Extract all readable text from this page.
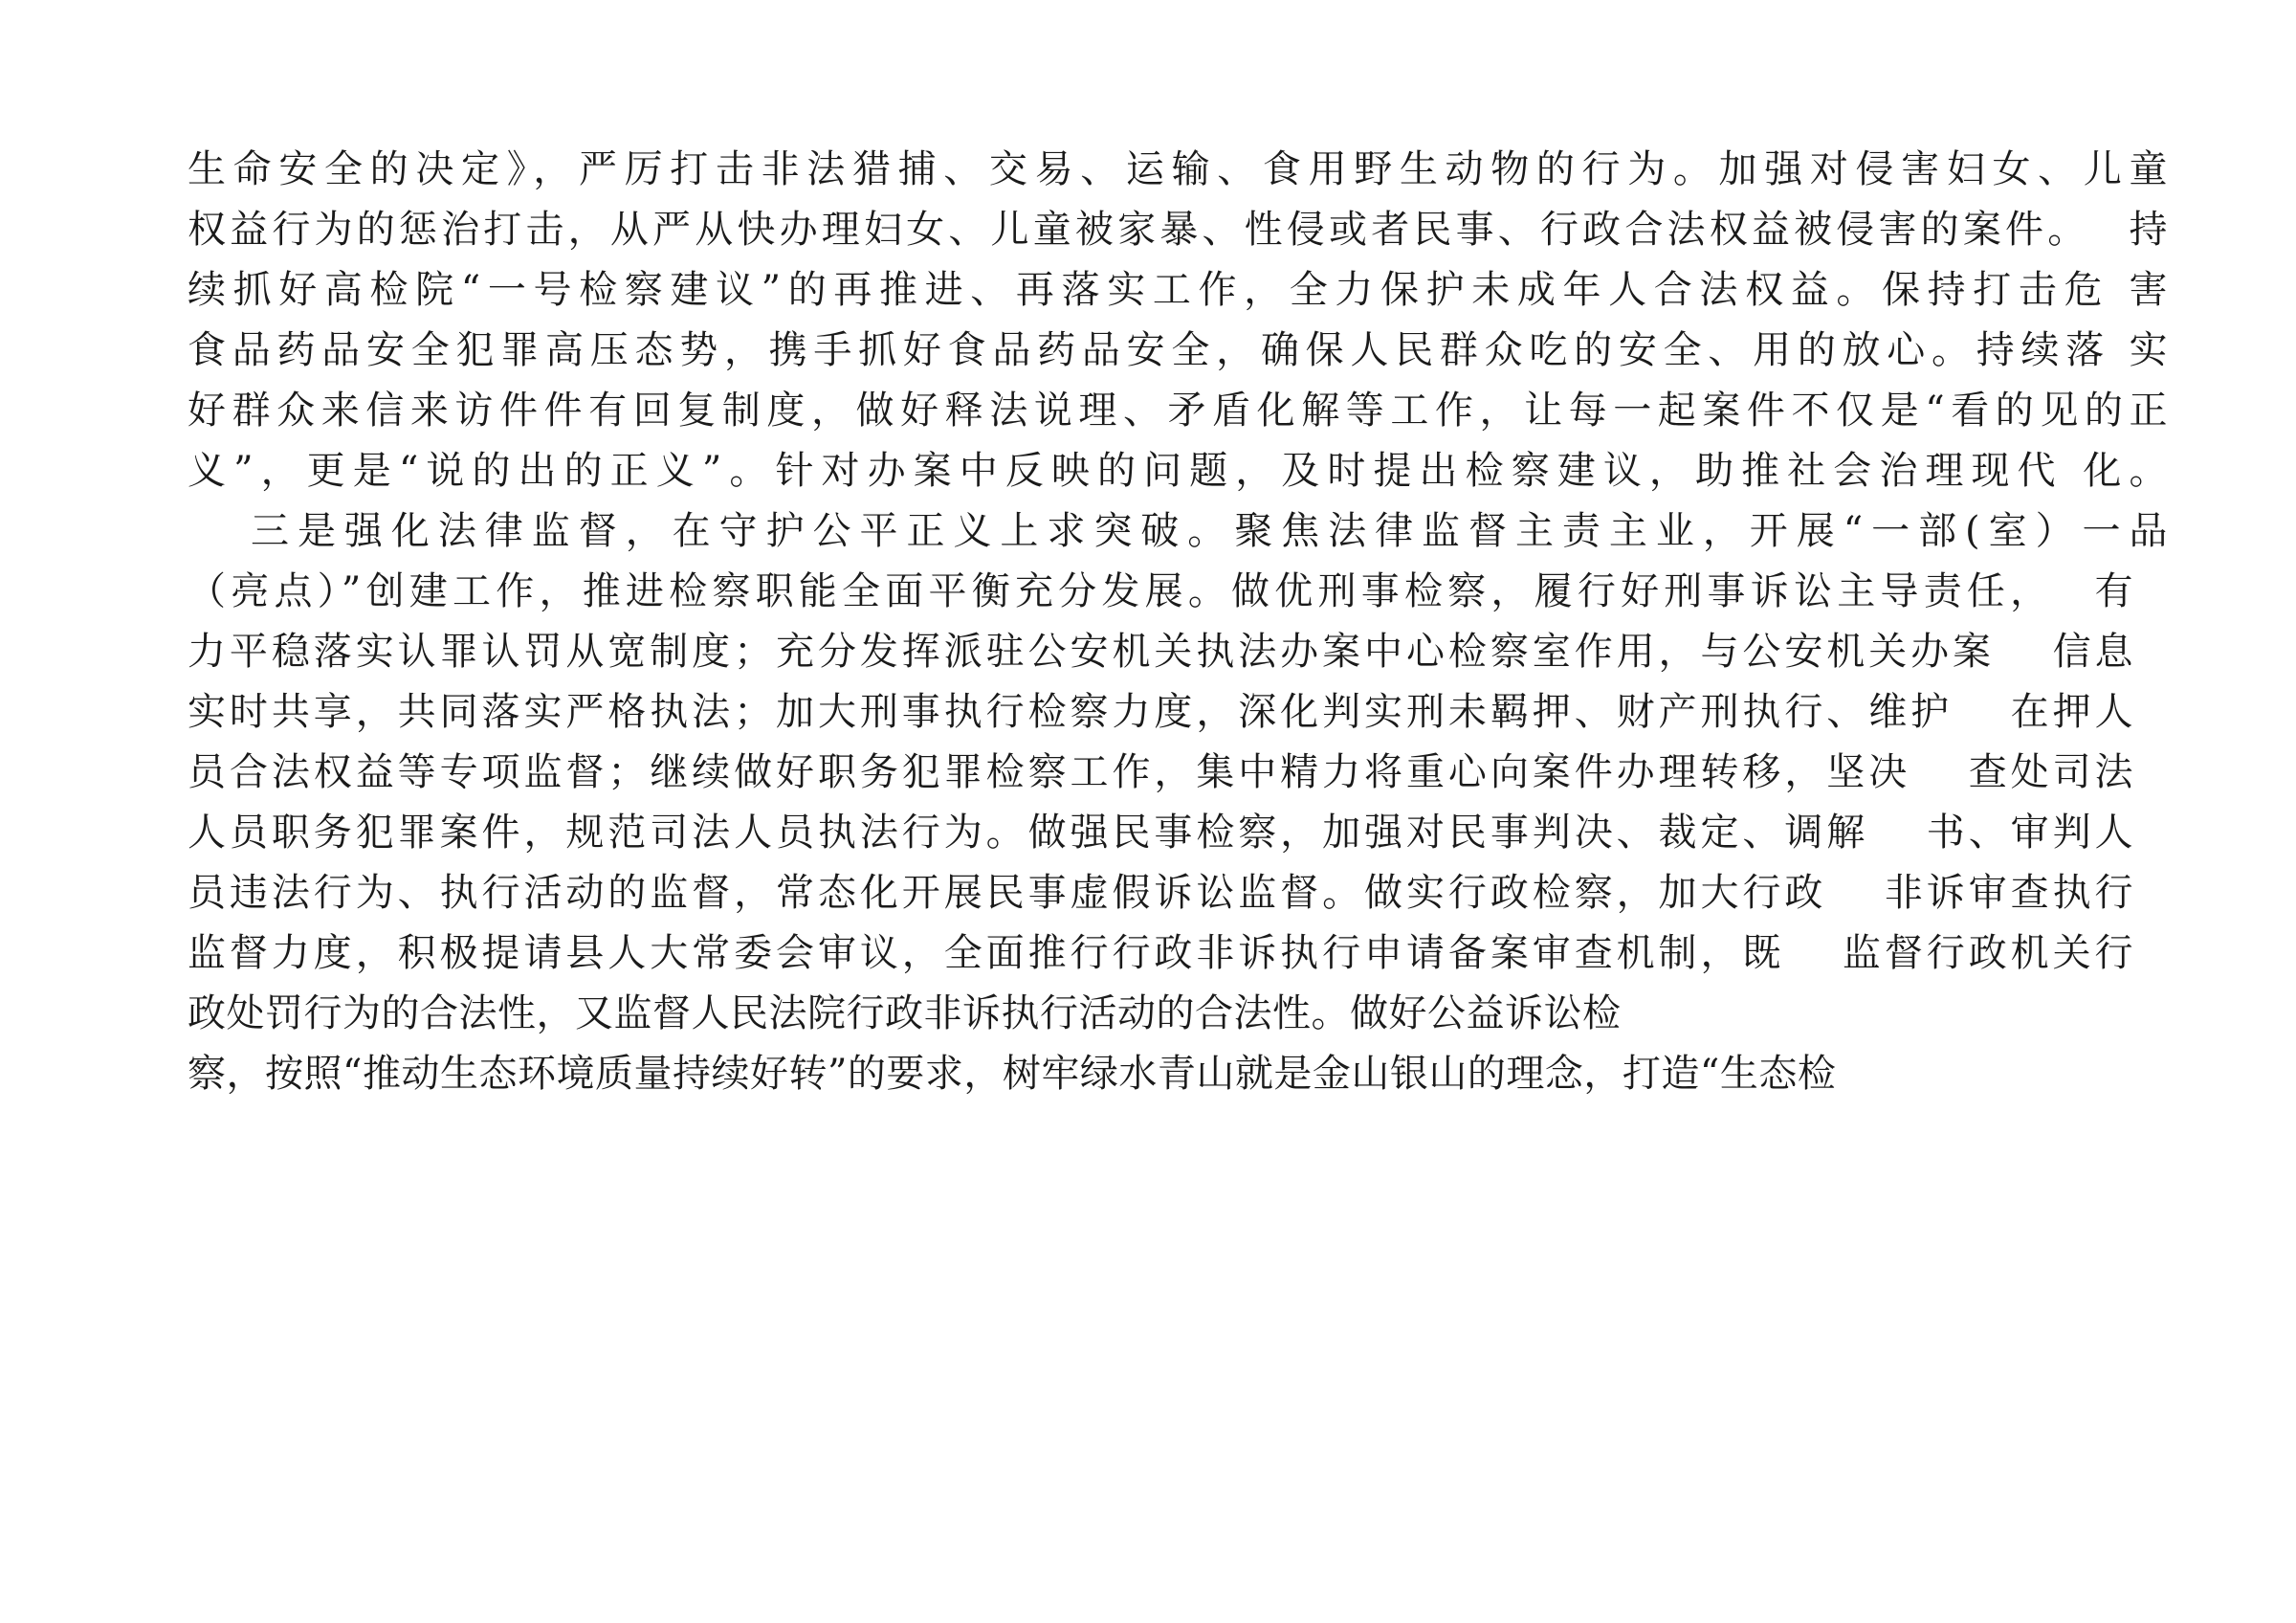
生命安全的决定》，严厉打击非法猎捕、交易、运输、食用野生动物的行为。加强对侵害妇女、儿童
权益行为的惩治打击，从严从快办理妇女、儿童被家暴、性侵或者民事、行政合法权益被侵害的案件。　 持
续抓好高检院“一号检察建议”的再推进、再落实工作，全力保护未成年人合法权益。保持打击危 害
食品药品安全犯罪高压态势，携手抓好食品药品安全，确保人民群众吃的安全、用的放心。持续落 实
好群众来信来访件件有回复制度，做好释法说理、矛盾化解等工作，让每一起案件不仅是“看的见的正
义”，更是“说的出的正义”。针对办案中反映的问题，及时提出检察建议，助推社会治理现代 化。
三是强化法律监督，在守护公平正义上求突破。聚焦法律监督主责主业，开展“一部(室）一品
（亮点）”创建工作，推进检察职能全面平衡充分发展。做优刑事检察，履行好刑事诉讼主导责任，　 有
力平稳落实认罪认罚从宽制度；充分发挥派驻公安机关执法办案中心检察室作用，与公安机关办案　 信息
实时共享，共同落实严格执法；加大刑事执行检察力度，深化判实刑未羁押、财产刑执行、维护　 在押人
员合法权益等专项监督；继续做好职务犯罪检察工作，集中精力将重心向案件办理转移，坚决　 查处司法
人员职务犯罪案件，规范司法人员执法行为。做强民事检察，加强对民事判决、裁定、调解　 书、审判人
员违法行为、执行活动的监督，常态化开展民事虚假诉讼监督。做实行政检察，加大行政　 非诉审查执行
监督力度，积极提请县人大常委会审议，全面推行行政非诉执行申请备案审查机制，既　 监督行政机关行
政处罚行为的合法性，又监督人民法院行政非诉执行活动的合法性。做好公益诉讼检
察，按照“推动生态环境质量持续好转”的要求，树牢绿水青山就是金山银山的理念，打造“生态检
